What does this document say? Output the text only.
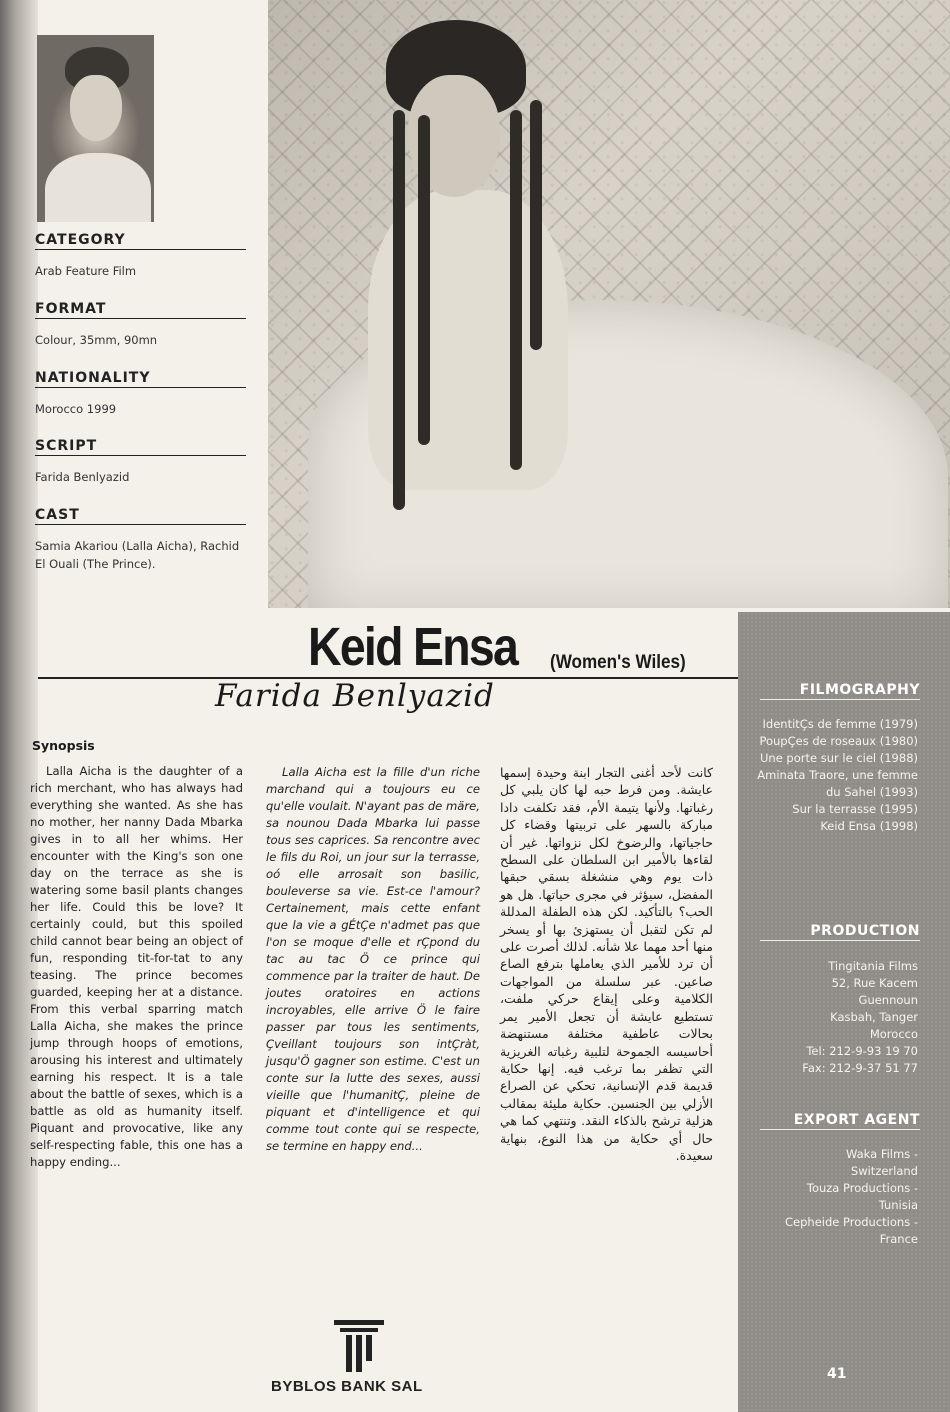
CATEGORY
Arab Feature Film
FORMAT
Colour, 35mm, 90mn
NATIONALITY
Morocco 1999
SCRIPT
Farida Benlyazid
CAST
Samia Akariou (Lalla Aicha), Rachid El Ouali (The Prince).
Keid Ensa (Women's Wiles)
Farida Benlyazid
Synopsis
Lalla Aicha is the daughter of a rich merchant, who has always had everything she wanted. As she has no mother, her nanny Dada Mbarka gives in to all her whims. Her encounter with the King's son one day on the terrace as she is watering some basil plants changes her life. Could this be love? It certainly could, but this spoiled child cannot bear being an object of fun, responding tit-for-tat to any teasing. The prince becomes guarded, keeping her at a distance. From this verbal sparring match Lalla Aicha, she makes the prince jump through hoops of emotions, arousing his interest and ultimately earning his respect. It is a tale about the battle of sexes, which is a battle as old as humanity itself. Piquant and provocative, like any self-respecting fable, this one has a happy ending...
Lalla Aicha est la fille d'un riche marchand qui a toujours eu ce qu'elle voulait. N'ayant pas de märe, sa nounou Dada Mbarka lui passe tous ses caprices. Sa rencontre avec le fils du Roi, un jour sur la terrasse, oó elle arrosait son basilic, bouleverse sa vie. Est-ce l'amour? Certainement, mais cette enfant que la vie a gÉtÇe n'admet pas que l'on se moque d'elle et rÇpond du tac au tac Ö ce prince qui commence par la traiter de haut. De joutes oratoires en actions incroyables, elle arrive Ö le faire passer par tous les sentiments, Çveillant toujours son intÇràt, jusqu'Ö gagner son estime. C'est un conte sur la lutte des sexes, aussi vieille que l'humanitÇ, pleine de piquant et d'intelligence et qui comme tout conte qui se respecte, se termine en happy end...
كانت لأحد أغنى التجار ابنة وحيدة إسمها عايشة. ومن فرط حبه لها كان يلبي كل رغباتها. ولأنها يتيمة الأم، فقد تكلفت دادا مباركة بالسهر على تربيتها وقضاء كل حاجياتها، والرضوخ لكل نزواتها. غير أن لقاءها بالأمير ابن السلطان على السطح ذات يوم وهي منشغلة بسقي حبقها المفضل، سيؤثر في مجرى حياتها. هل هو الحب؟ بالتأكيد. لكن هذه الطفلة المدللة لم تكن لتقبل أن يستهزئ بها أو يسخر منها أحد مهما علا شأنه. لذلك أصرت على أن ترد للأمير الذي يعاملها بترفع الصاع صاعين. عبر سلسلة من المواجهات الكلامية وعلى إيقاع حركي ملفت، تستطيع عايشة أن تجعل الأمير يمر بحالات عاطفية مختلفة مستنهضة أحاسيسه الجموحة لتلبية رغباته الغريزية التي تظفر بما ترغب فيه. إنها حكاية قديمة قدم الإنسانية، تحكي عن الصراع الأزلي بين الجنسين. حكاية مليئة بمقالب هزلية ترشح بالذكاء النقد. وتنتهي كما هي حال أي حكاية من هذا النوع، بنهاية سعيدة.
FILMOGRAPHY
IdentitÇs de femme (1979)
PoupÇes de roseaux (1980)
Une porte sur le ciel (1988)
Aminata Traore, une femme du Sahel (1993)
Sur la terrasse (1995)
Keid Ensa (1998)
PRODUCTION
Tingitania Films
52, Rue Kacem
Guennoun
Kasbah, Tanger
Morocco
Tel: 212-9-93 19 70
Fax: 212-9-37 51 77
EXPORT AGENT
Waka Films -
Switzerland
Touza Productions -
Tunisia
Cepheide Productions -
France
41
BYBLOS BANK SAL
